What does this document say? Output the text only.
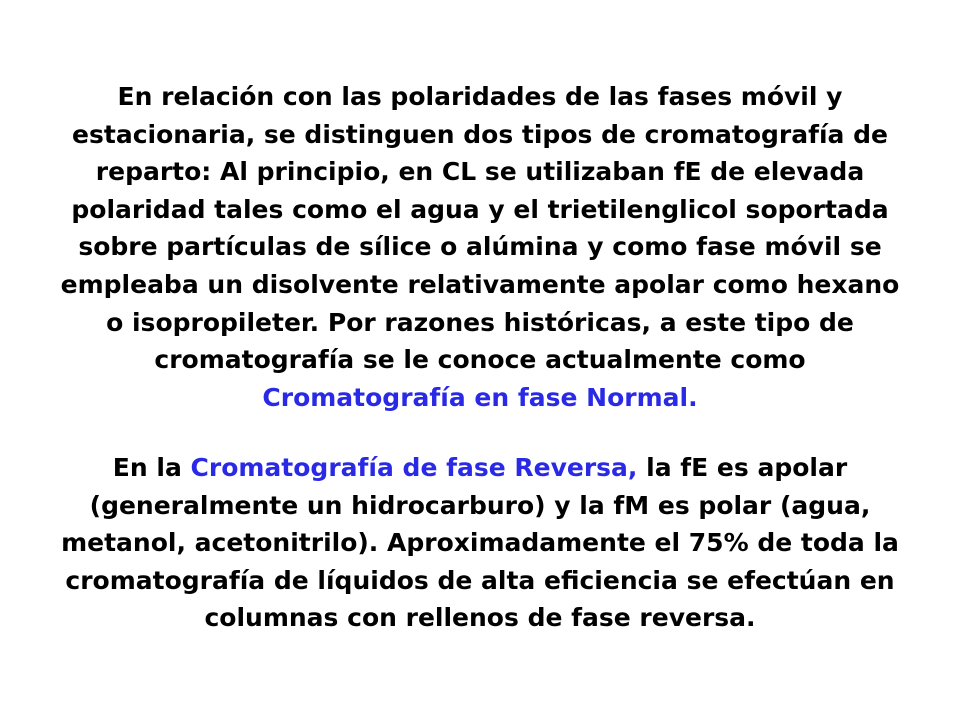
En relación con las polaridades de las fases móvil y estacionaria, se distinguen dos tipos de cromatografía de reparto: Al principio, en CL se utilizaban fE de elevada polaridad tales como el agua y el trietilenglicol soportada sobre partículas de sílice o alúmina y como fase móvil se empleaba un disolvente relativamente apolar como hexano o isopropileter. Por razones históricas, a este tipo de cromatografía se le conoce actualmente como Cromatografía en fase Normal.

En la Cromatografía de fase Reversa, la fE es apolar (generalmente un hidrocarburo) y la fM es polar (agua, metanol, acetonitrilo). Aproximadamente el 75% de toda la cromatografía de líquidos de alta eficiencia se efectúan en columnas con rellenos de fase reversa.
